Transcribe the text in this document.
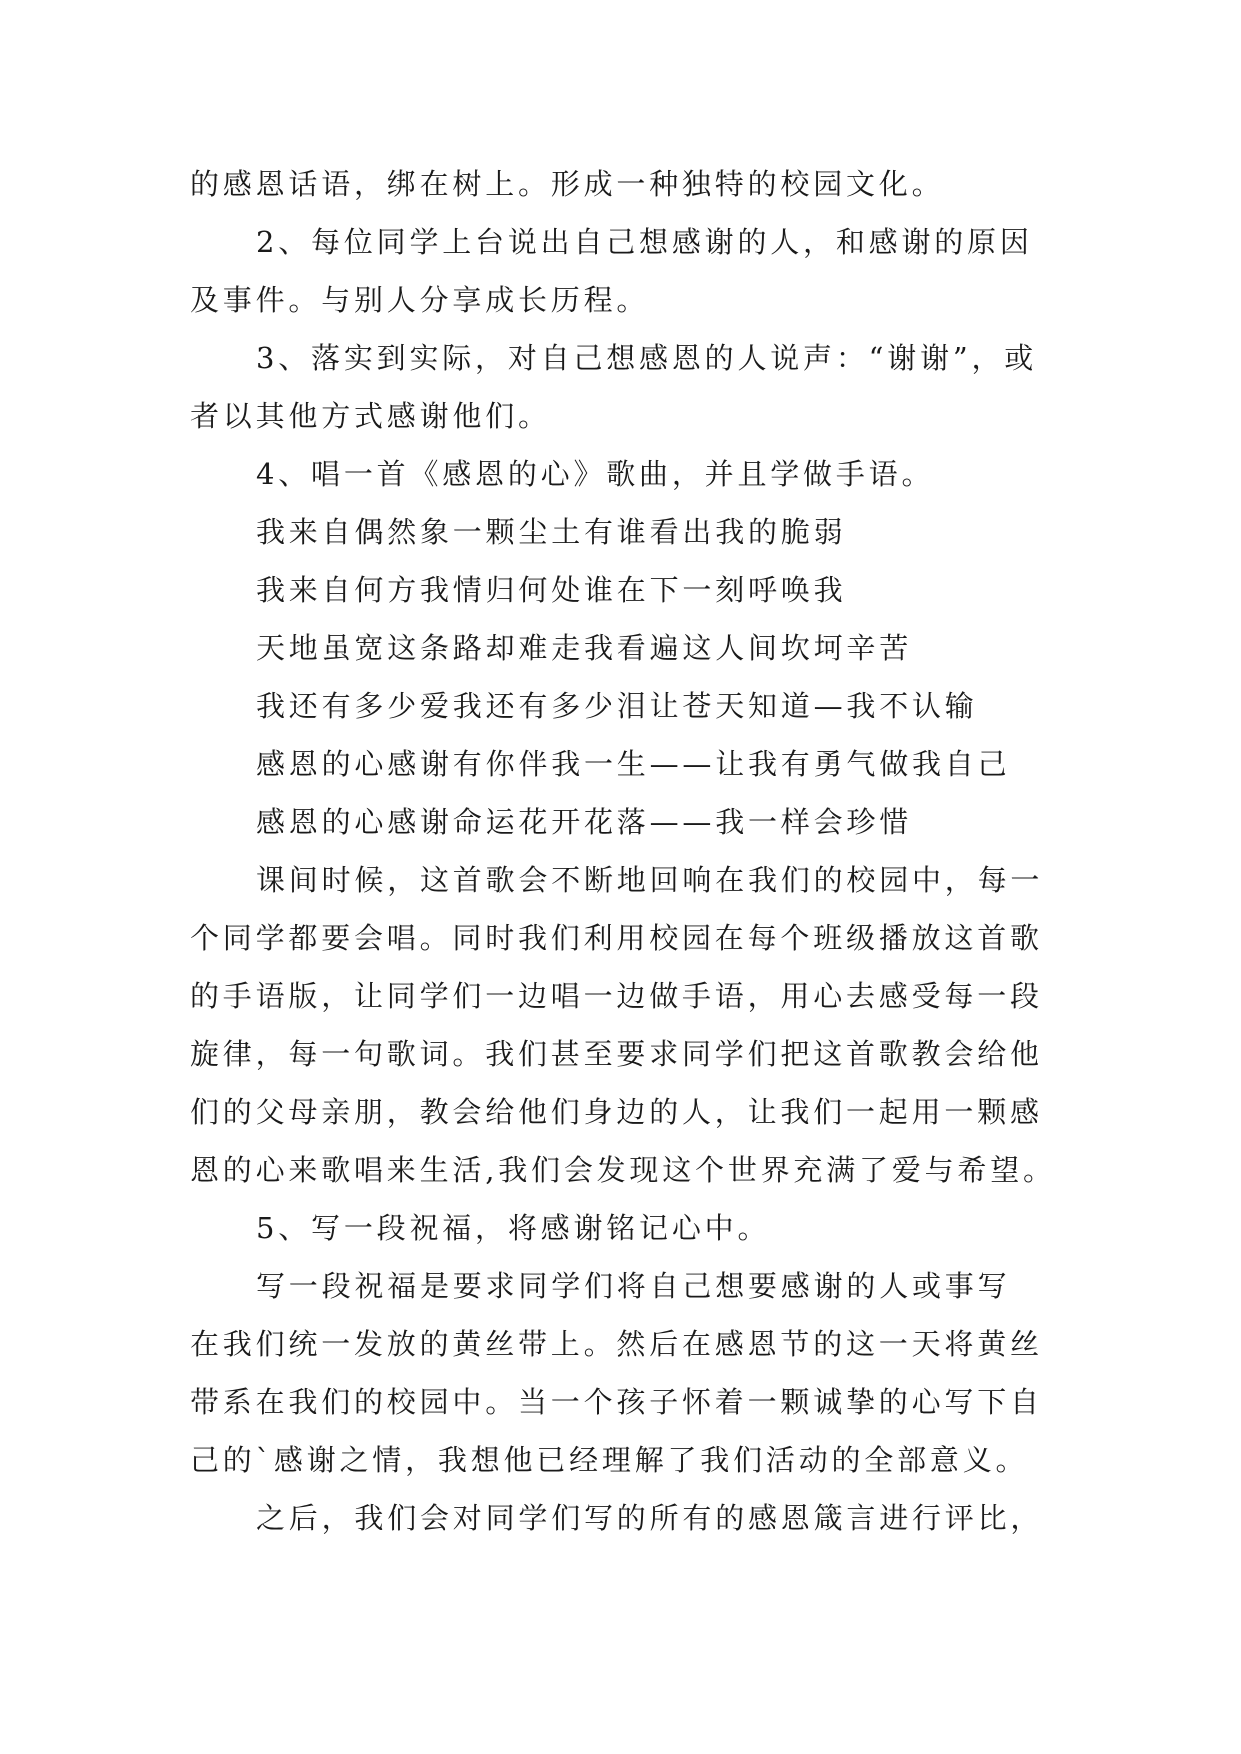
的感恩话语，绑在树上。形成一种独特的校园文化。
2、每位同学上台说出自己想感谢的人，和感谢的原因
及事件。与别人分享成长历程。
3、落实到实际，对自己想感恩的人说声：“谢谢”，或
者以其他方式感谢他们。
4、唱一首《感恩的心》歌曲，并且学做手语。
我来自偶然象一颗尘土有谁看出我的脆弱
我来自何方我情归何处谁在下一刻呼唤我
天地虽宽这条路却难走我看遍这人间坎坷辛苦
我还有多少爱我还有多少泪让苍天知道—我不认输
感恩的心感谢有你伴我一生——让我有勇气做我自己
感恩的心感谢命运花开花落——我一样会珍惜
课间时候，这首歌会不断地回响在我们的校园中，每一
个同学都要会唱。同时我们利用校园在每个班级播放这首歌
的手语版，让同学们一边唱一边做手语，用心去感受每一段
旋律，每一句歌词。我们甚至要求同学们把这首歌教会给他
们的父母亲朋，教会给他们身边的人，让我们一起用一颗感
恩的心来歌唱来生活,我们会发现这个世界充满了爱与希望。
5、写一段祝福，将感谢铭记心中。
写一段祝福是要求同学们将自己想要感谢的人或事写
在我们统一发放的黄丝带上。然后在感恩节的这一天将黄丝
带系在我们的校园中。当一个孩子怀着一颗诚挚的心写下自
己的`感谢之情，我想他已经理解了我们活动的全部意义。
之后，我们会对同学们写的所有的感恩箴言进行评比，
